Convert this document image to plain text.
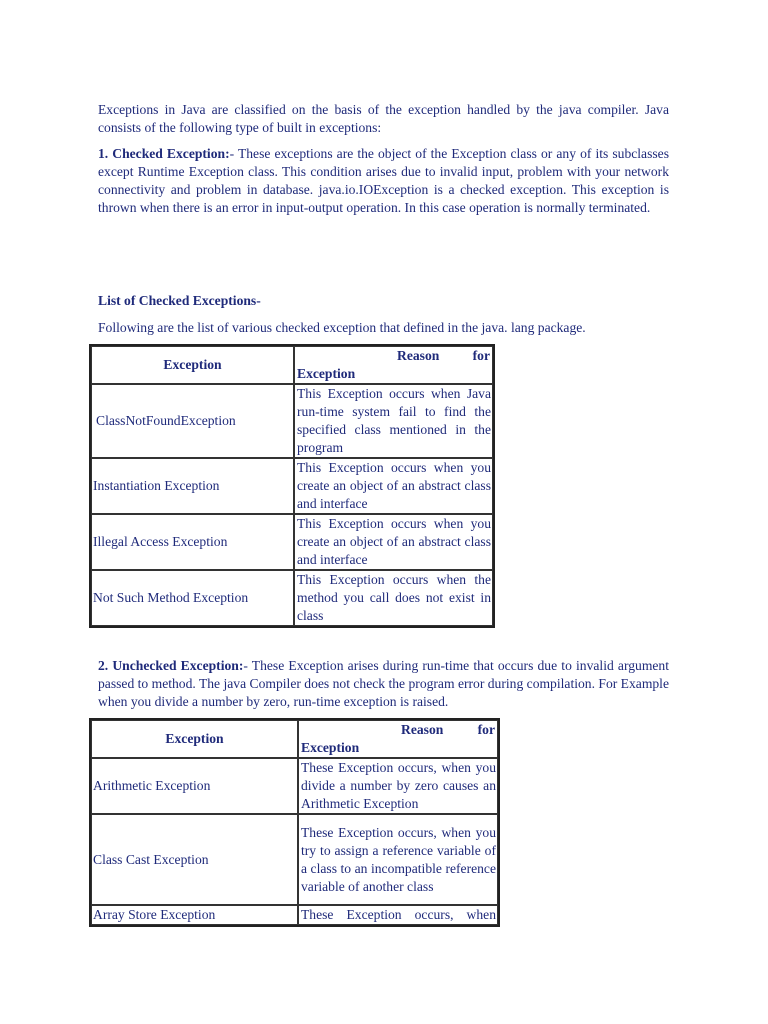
Exceptions in Java are classified on the basis of the exception handled by the java compiler. Java consists of the following type of built in exceptions:

1. Checked Exception:- These exceptions are the object of the Exception class or any of its subclasses except Runtime Exception class. This condition arises due to invalid input, problem with your network connectivity and problem in database. java.io.IOException is a checked exception. This exception is thrown when there is an error in input-output operation. In this case operation is normally terminated.

List of Checked Exceptions-

Following are the list of various checked exception that defined in the java. lang package.

Exception	Reason for
Exception

ClassNotFoundException	This Exception occurs when Java run-time system fail to find the specified class mentioned in the program
Instantiation Exception	This Exception occurs when you create an object of an abstract class and interface
Illegal Access Exception	This Exception occurs when you create an object of an abstract class and interface
Not Such Method Exception	This Exception occurs when the method you call does not exist in class

2. Unchecked Exception:- These Exception arises during run-time that occurs due to invalid argument passed to method. The java Compiler does not check the program error during compilation. For Example when you divide a number by zero, run-time exception is raised.

Exception	Reason for
Exception

Arithmetic Exception	These Exception occurs, when you divide a number by zero causes an Arithmetic Exception
Class Cast Exception	These Exception occurs, when you try to assign a reference variable of a class to an incompatible reference variable of another class
Array Store Exception	These Exception occurs, when
